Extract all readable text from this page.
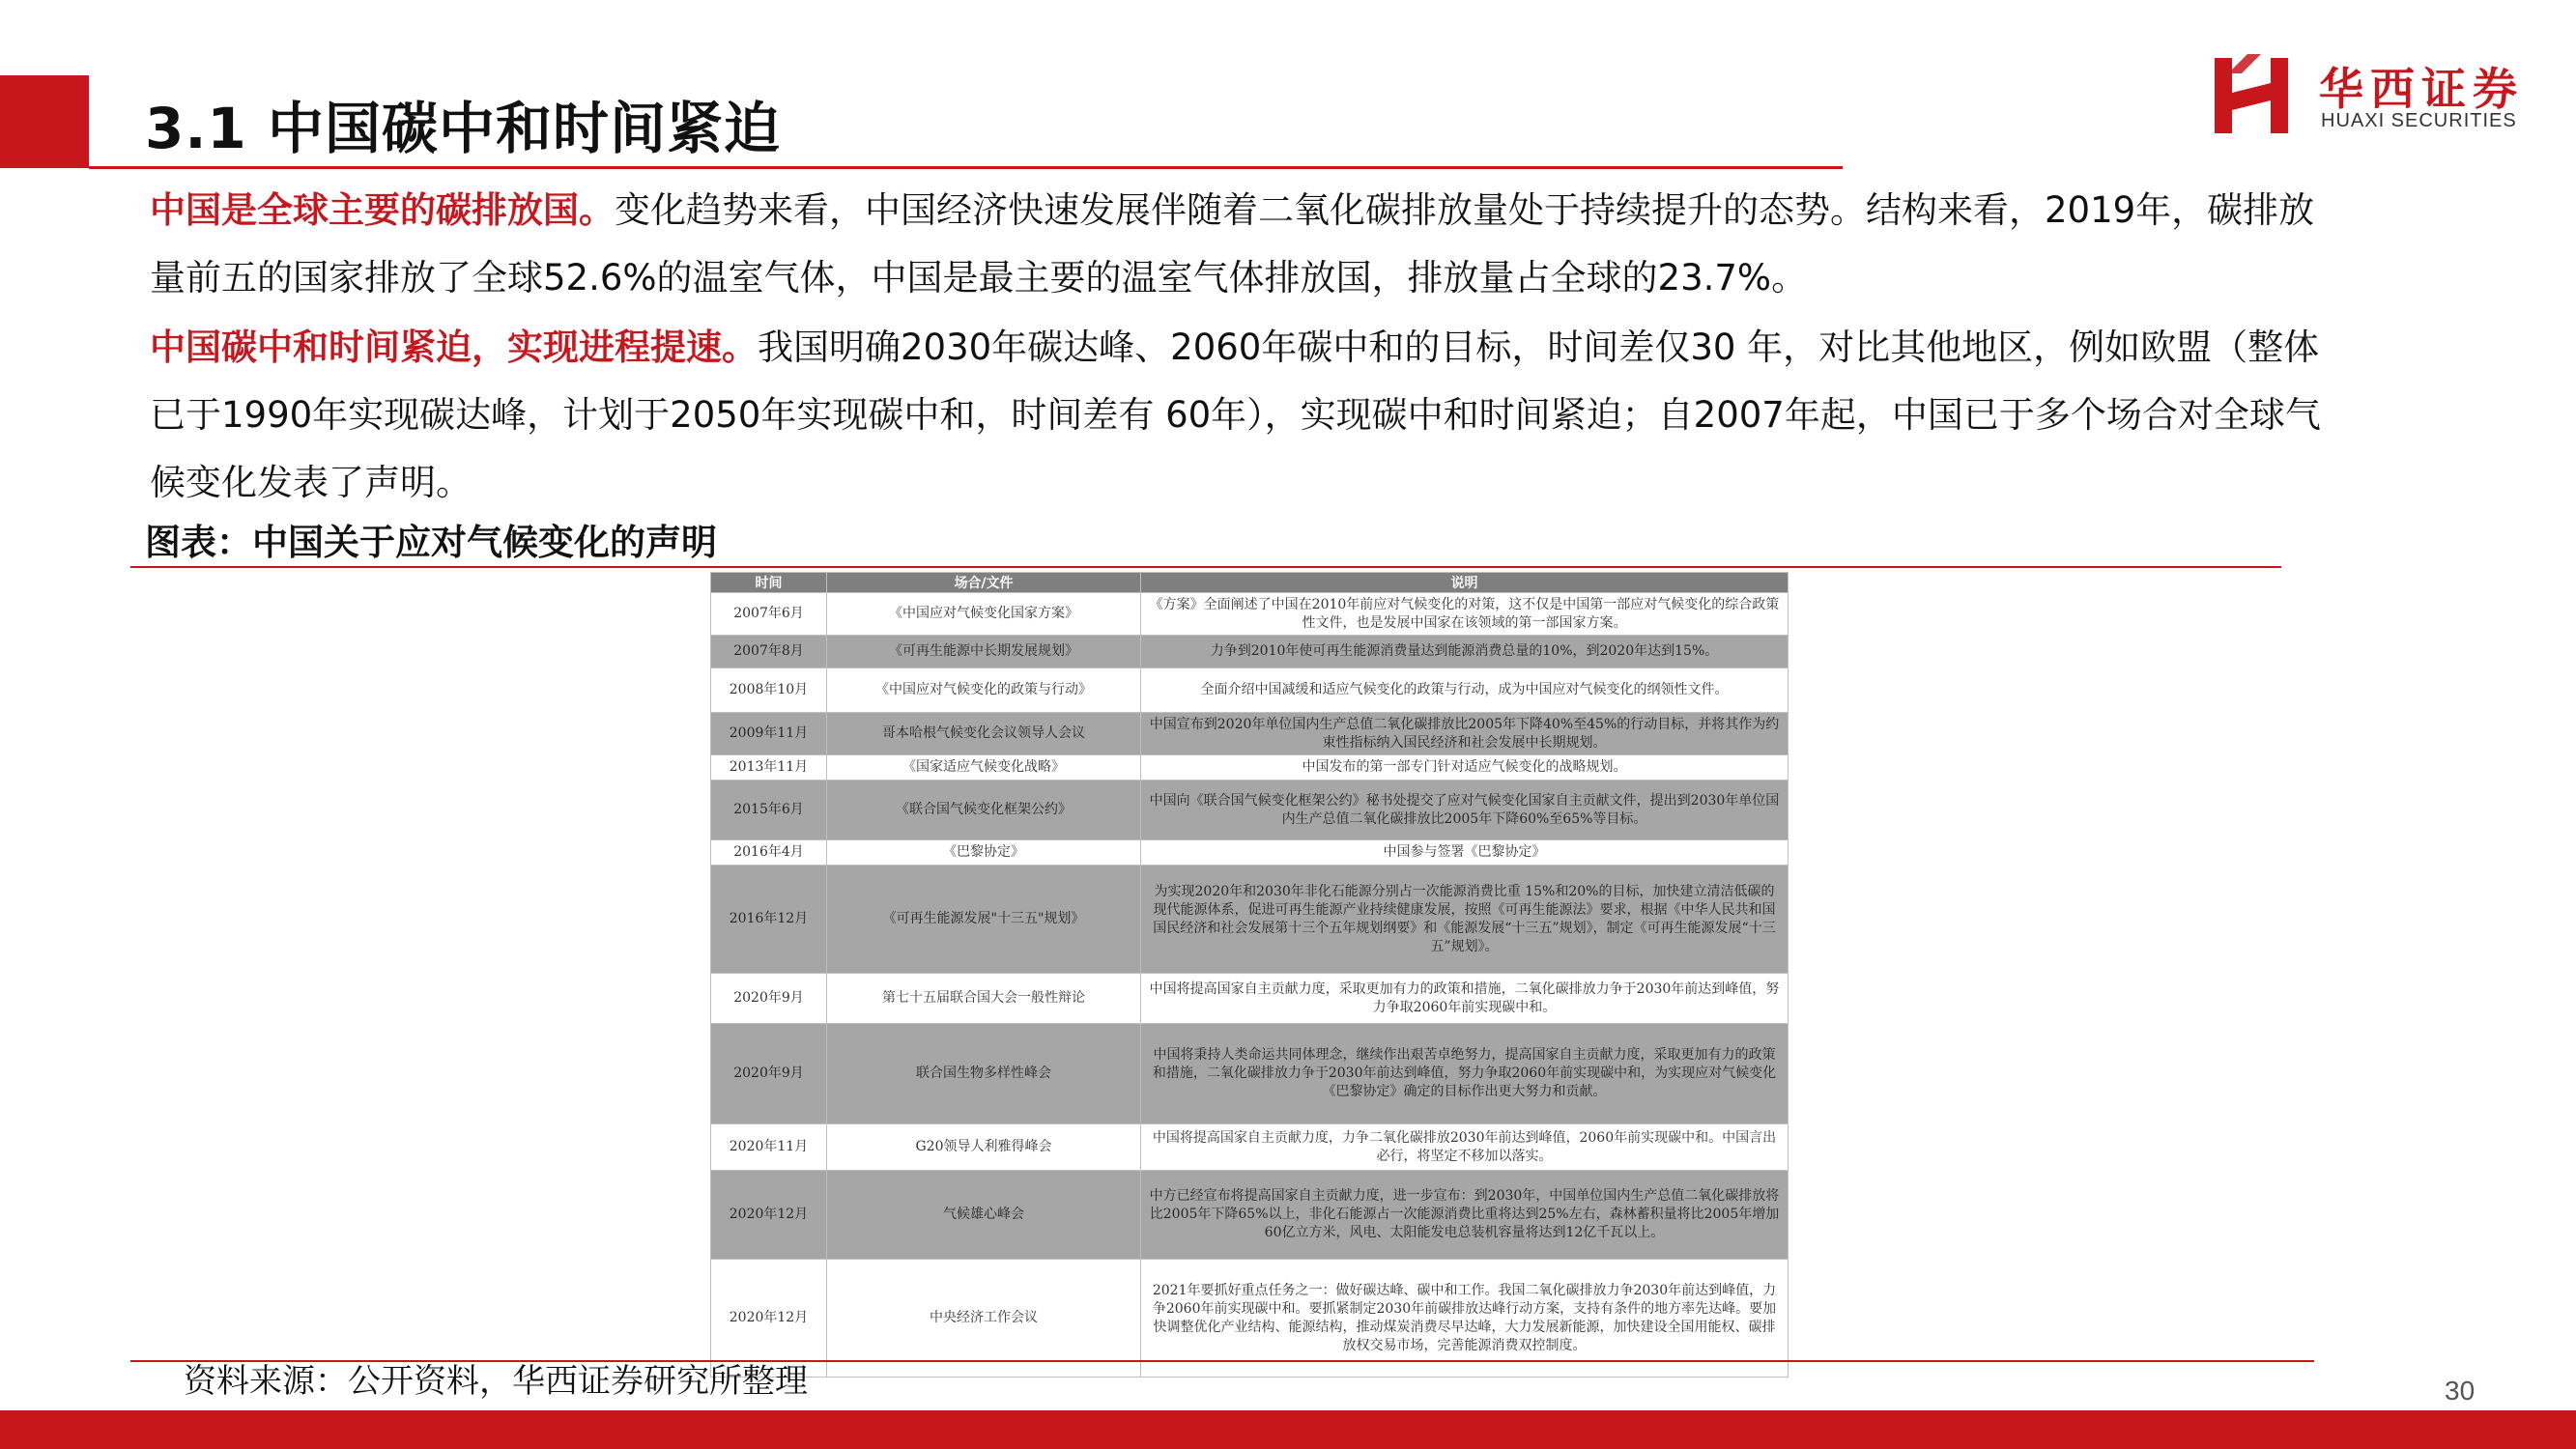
3.1 中国碳中和时间紧迫
华西证券
HUAXI SECURITIES
中国是全球主要的碳排放国。变化趋势来看，中国经济快速发展伴随着二氧化碳排放量处于持续提升的态势。结构来看，2019年，碳排放量前五的国家排放了全球52.6%的温室气体，中国是最主要的温室气体排放国，排放量占全球的23.7%。
中国碳中和时间紧迫，实现进程提速。我国明确2030年碳达峰、2060年碳中和的目标，时间差仅30 年，对比其他地区，例如欧盟（整体已于1990年实现碳达峰，计划于2050年实现碳中和，时间差有 60年），实现碳中和时间紧迫；自2007年起，中国已于多个场合对全球气候变化发表了声明。
图表：中国关于应对气候变化的声明
时间	场合/文件	说明
2007年6月	《中国应对气候变化国家方案》	《方案》全面阐述了中国在2010年前应对气候变化的对策，这不仅是中国第一部应对气候变化的综合政策性文件，也是发展中国家在该领域的第一部国家方案。
2007年8月	《可再生能源中长期发展规划》	力争到2010年使可再生能源消费量达到能源消费总量的10%，到2020年达到15%。
2008年10月	《中国应对气候变化的政策与行动》	全面介绍中国减缓和适应气候变化的政策与行动，成为中国应对气候变化的纲领性文件。
2009年11月	哥本哈根气候变化会议领导人会议	中国宣布到2020年单位国内生产总值二氧化碳排放比2005年下降40%至45%的行动目标，并将其作为约束性指标纳入国民经济和社会发展中长期规划。
2013年11月	《国家适应气候变化战略》	中国发布的第一部专门针对适应气候变化的战略规划。
2015年6月	《联合国气候变化框架公约》	中国向《联合国气候变化框架公约》秘书处提交了应对气候变化国家自主贡献文件，提出到2030年单位国内生产总值二氧化碳排放比2005年下降60%至65%等目标。
2016年4月	《巴黎协定》	中国参与签署《巴黎协定》
2016年12月	《可再生能源发展"十三五"规划》	为实现2020年和2030年非化石能源分别占一次能源消费比重 15%和20%的目标，加快建立清洁低碳的现代能源体系，促进可再生能源产业持续健康发展，按照《可再生能源法》要求，根据《中华人民共和国国民经济和社会发展第十三个五年规划纲要》和《能源发展“十三五”规划》，制定《可再生能源发展“十三五”规划》。
2020年9月	第七十五届联合国大会一般性辩论	中国将提高国家自主贡献力度，采取更加有力的政策和措施，二氧化碳排放力争于2030年前达到峰值，努力争取2060年前实现碳中和。
2020年9月	联合国生物多样性峰会	中国将秉持人类命运共同体理念，继续作出艰苦卓绝努力，提高国家自主贡献力度，采取更加有力的政策和措施，二氧化碳排放力争于2030年前达到峰值，努力争取2060年前实现碳中和，为实现应对气候变化《巴黎协定》确定的目标作出更大努力和贡献。
2020年11月	G20领导人利雅得峰会	中国将提高国家自主贡献力度，力争二氧化碳排放2030年前达到峰值，2060年前实现碳中和。中国言出必行，将坚定不移加以落实。
2020年12月	气候雄心峰会	中方已经宣布将提高国家自主贡献力度，进一步宣布：到2030年，中国单位国内生产总值二氧化碳排放将比2005年下降65%以上，非化石能源占一次能源消费比重将达到25%左右，森林蓄积量将比2005年增加60亿立方米，风电、太阳能发电总装机容量将达到12亿千瓦以上。
2020年12月	中央经济工作会议	2021年要抓好重点任务之一：做好碳达峰、碳中和工作。我国二氧化碳排放力争2030年前达到峰值，力争2060年前实现碳中和。要抓紧制定2030年前碳排放达峰行动方案，支持有条件的地方率先达峰。要加快调整优化产业结构、能源结构，推动煤炭消费尽早达峰，大力发展新能源，加快建设全国用能权、碳排放权交易市场，完善能源消费双控制度。
资料来源：公开资料，华西证券研究所整理	30
